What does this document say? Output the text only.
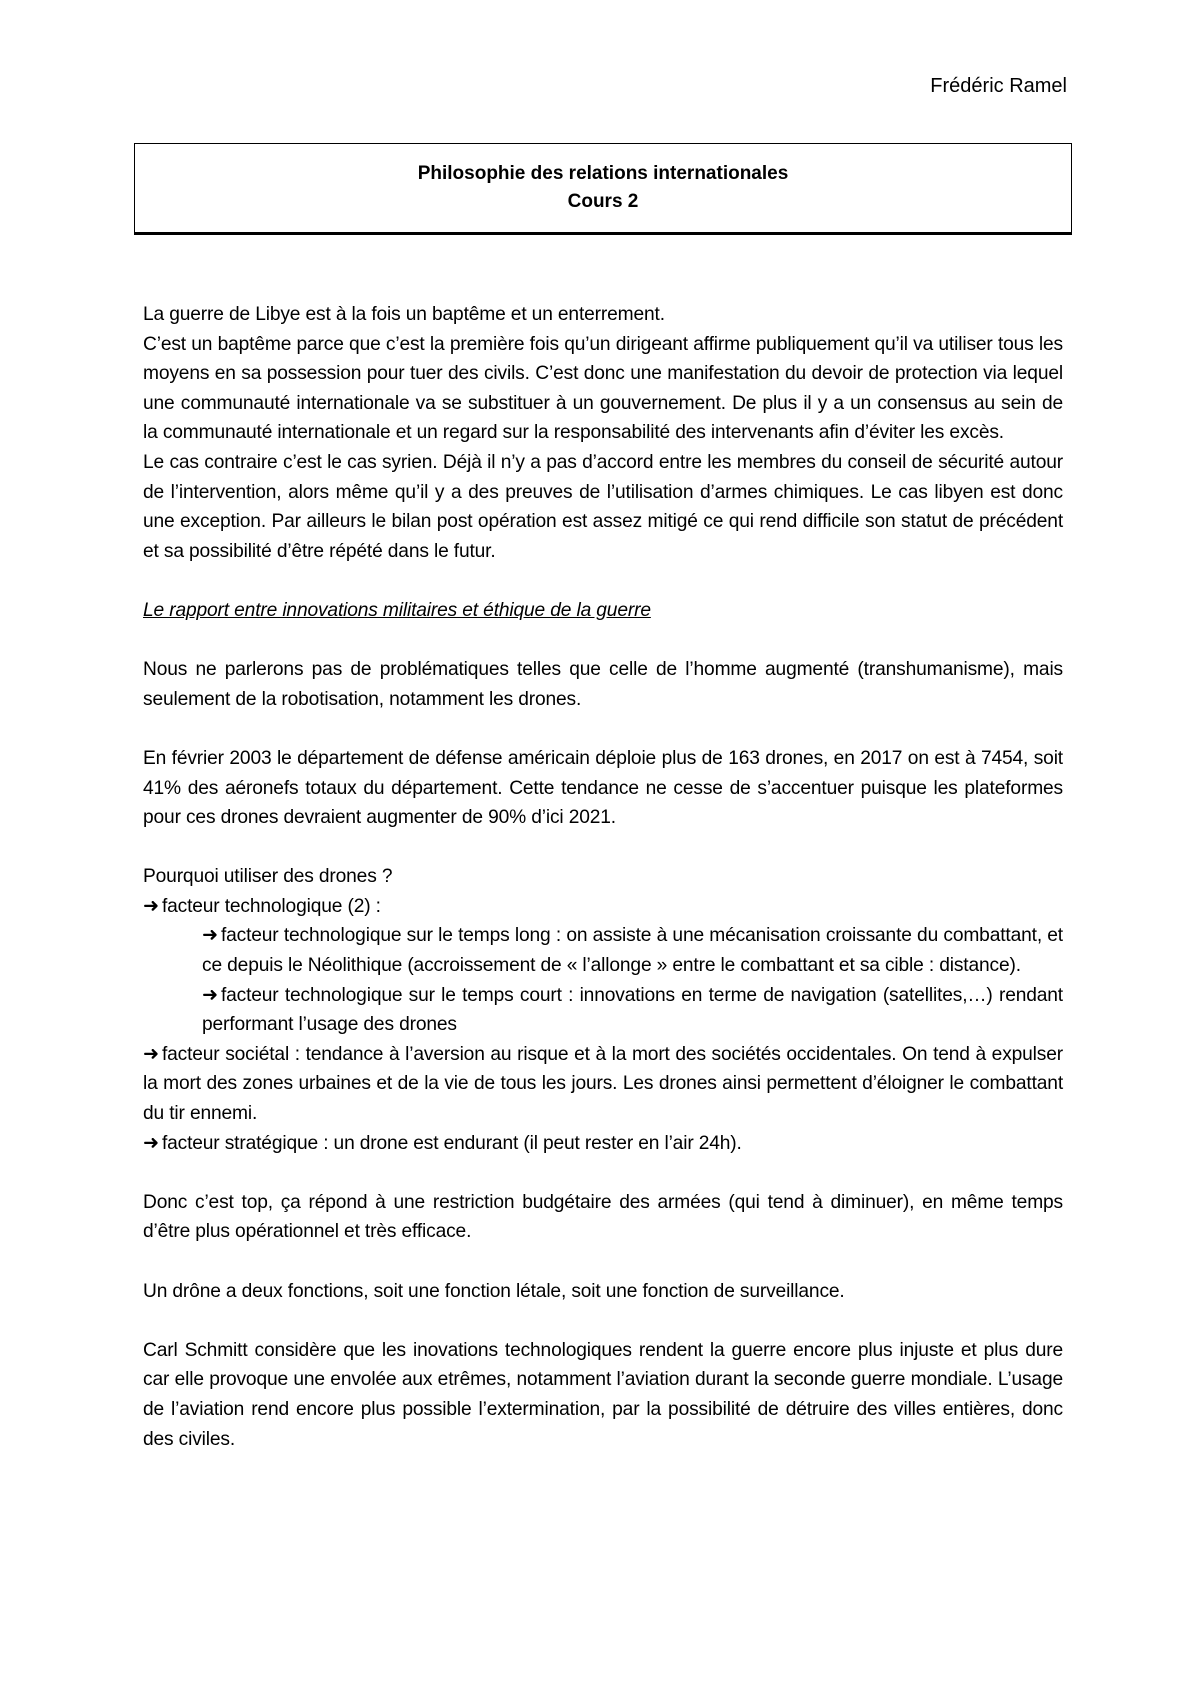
Frédéric Ramel
Philosophie des relations internationales
Cours 2

La guerre de Libye est à la fois un baptême et un enterrement.

C’est un baptême parce que c’est la première fois qu’un dirigeant affirme publiquement qu’il va utiliser tous les moyens en sa possession pour tuer des civils. C’est donc une manifestation du devoir de protection via lequel une communauté internationale va se substituer à un gouvernement. De plus il y a un consensus au sein de la communauté internationale et un regard sur la responsabilité des intervenants afin d’éviter les excès.

Le cas contraire c’est le cas syrien. Déjà il n’y a pas d’accord entre les membres du conseil de sécurité autour de l’intervention, alors même qu’il y a des preuves de l’utilisation d’armes chimiques. Le cas libyen est donc une exception. Par ailleurs le bilan post opération est assez mitigé ce qui rend difficile son statut de précédent et sa possibilité d’être répété dans le futur.

Le rapport entre innovations militaires et éthique de la guerre

Nous ne parlerons pas de problématiques telles que celle de l’homme augmenté (transhumanisme), mais seulement de la robotisation, notamment les drones.

En février 2003 le département de défense américain déploie plus de 163 drones, en 2017 on est à 7454, soit 41% des aéronefs totaux du département. Cette tendance ne cesse de s’accentuer puisque les plateformes pour ces drones devraient augmenter de 90% d’ici 2021.

Pourquoi utiliser des drones ?

➜ facteur technologique (2) :

➜ facteur technologique sur le temps long : on assiste à une mécanisation croissante du combattant, et ce depuis le Néolithique (accroissement de « l’allonge » entre le combattant et sa cible : distance).

➜ facteur technologique sur le temps court : innovations en terme de navigation (satellites,…) rendant performant l’usage des drones

➜ facteur sociétal : tendance à l’aversion au risque et à la mort des sociétés occidentales. On tend à expulser la mort des zones urbaines et de la vie de tous les jours. Les drones ainsi permettent d’éloigner le combattant du tir ennemi.

➜ facteur stratégique : un drone est endurant (il peut rester en l’air 24h).

Donc c’est top, ça répond à une restriction budgétaire des armées (qui tend à diminuer), en même temps d’être plus opérationnel et très efficace.

Un drône a deux fonctions, soit une fonction létale, soit une fonction de surveillance.

Carl Schmitt considère que les inovations technologiques rendent la guerre encore plus injuste et plus dure car elle provoque une envolée aux etrêmes, notamment l’aviation durant la seconde guerre mondiale. L’usage de l’aviation rend encore plus possible l’extermination, par la possibilité de détruire des villes entières, donc des civiles.
